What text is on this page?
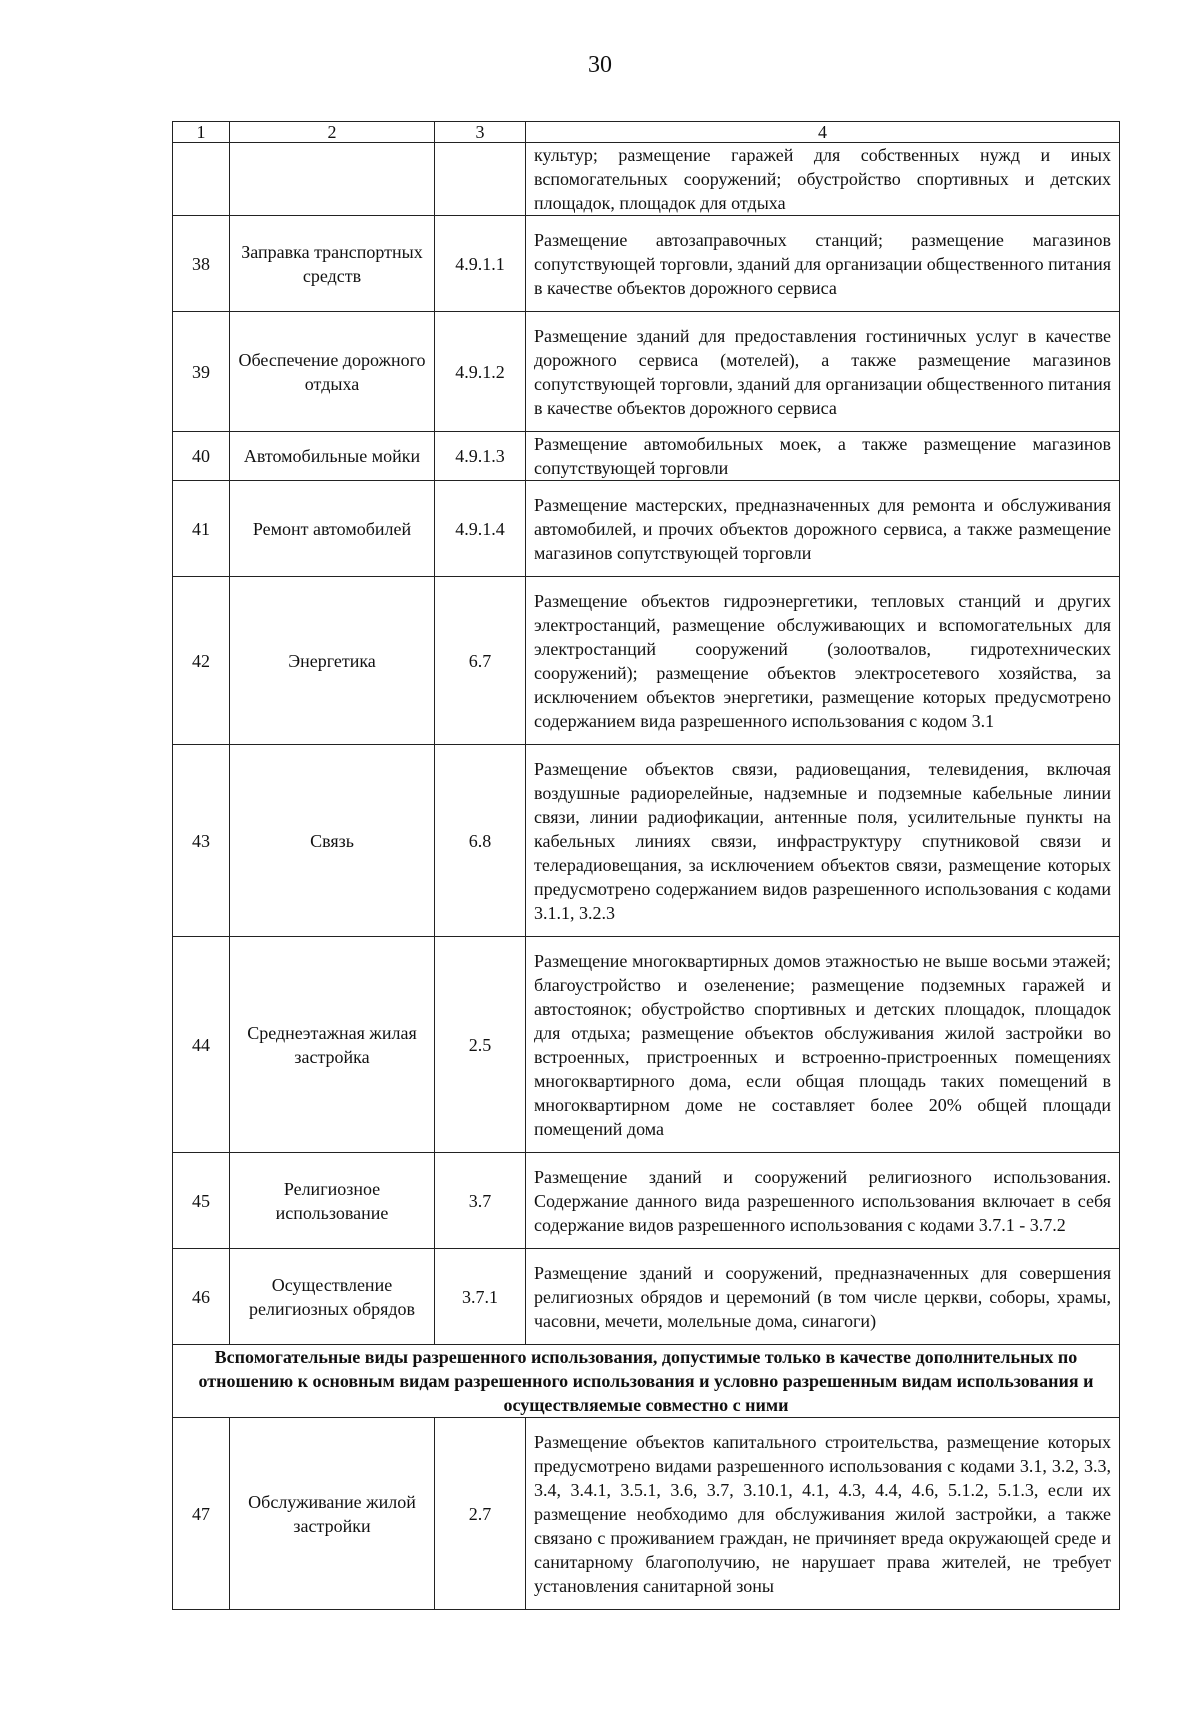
30
1	2	3	4
			культур; размещение гаражей для собственных нужд и иных вспомогательных сооружений; обустройство спортивных и детских площадок, площадок для отдыха
38	Заправка транспортных средств	4.9.1.1	Размещение автозаправочных станций; размещение магазинов сопутствующей торговли, зданий для организации общественного питания в качестве объектов дорожного сервиса
39	Обеспечение дорожного отдыха	4.9.1.2	Размещение зданий для предоставления гостиничных услуг в качестве дорожного сервиса (мотелей), а также размещение магазинов сопутствующей торговли, зданий для организации общественного питания в качестве объектов дорожного сервиса
40	Автомобильные мойки	4.9.1.3	Размещение автомобильных моек, а также размещение магазинов сопутствующей торговли
41	Ремонт автомобилей	4.9.1.4	Размещение мастерских, предназначенных для ремонта и обслуживания автомобилей, и прочих объектов дорожного сервиса, а также размещение магазинов сопутствующей торговли
42	Энергетика	6.7	Размещение объектов гидроэнергетики, тепловых станций и других электростанций, размещение обслуживающих и вспомогательных для электростанций сооружений (золоотвалов, гидротехнических сооружений); размещение объектов электросетевого хозяйства, за исключением объектов энергетики, размещение которых предусмотрено содержанием вида разрешенного использования с кодом 3.1
43	Связь	6.8	Размещение объектов связи, радиовещания, телевидения, включая воздушные радиорелейные, надземные и подземные кабельные линии связи, линии радиофикации, антенные поля, усилительные пункты на кабельных линиях связи, инфраструктуру спутниковой связи и телерадиовещания, за исключением объектов связи, размещение которых предусмотрено содержанием видов разрешенного использования с кодами 3.1.1, 3.2.3
44	Среднеэтажная жилая застройка	2.5	Размещение многоквартирных домов этажностью не выше восьми этажей; благоустройство и озеленение; размещение подземных гаражей и автостоянок; обустройство спортивных и детских площадок, площадок для отдыха; размещение объектов обслуживания жилой застройки во встроенных, пристроенных и встроенно-пристроенных помещениях многоквартирного дома, если общая площадь таких помещений в многоквартирном доме не составляет более 20% общей площади помещений дома
45	Религиозное использование	3.7	Размещение зданий и сооружений религиозного использования. Содержание данного вида разрешенного использования включает в себя содержание видов разрешенного использования с кодами 3.7.1 - 3.7.2
46	Осуществление религиозных обрядов	3.7.1	Размещение зданий и сооружений, предназначенных для совершения религиозных обрядов и церемоний (в том числе церкви, соборы, храмы, часовни, мечети, молельные дома, синагоги)
Вспомогательные виды разрешенного использования, допустимые только в качестве дополнительных по отношению к основным видам разрешенного использования и условно разрешенным видам использования и осуществляемые совместно с ними			
47	Обслуживание жилой застройки	2.7	Размещение объектов капитального строительства, размещение которых предусмотрено видами разрешенного использования с кодами 3.1, 3.2, 3.3, 3.4, 3.4.1, 3.5.1, 3.6, 3.7, 3.10.1, 4.1, 4.3, 4.4, 4.6, 5.1.2, 5.1.3, если их размещение необходимо для обслуживания жилой застройки, а также связано с проживанием граждан, не причиняет вреда окружающей среде и санитарному благополучию, не нарушает права жителей, не требует установления санитарной зоны
